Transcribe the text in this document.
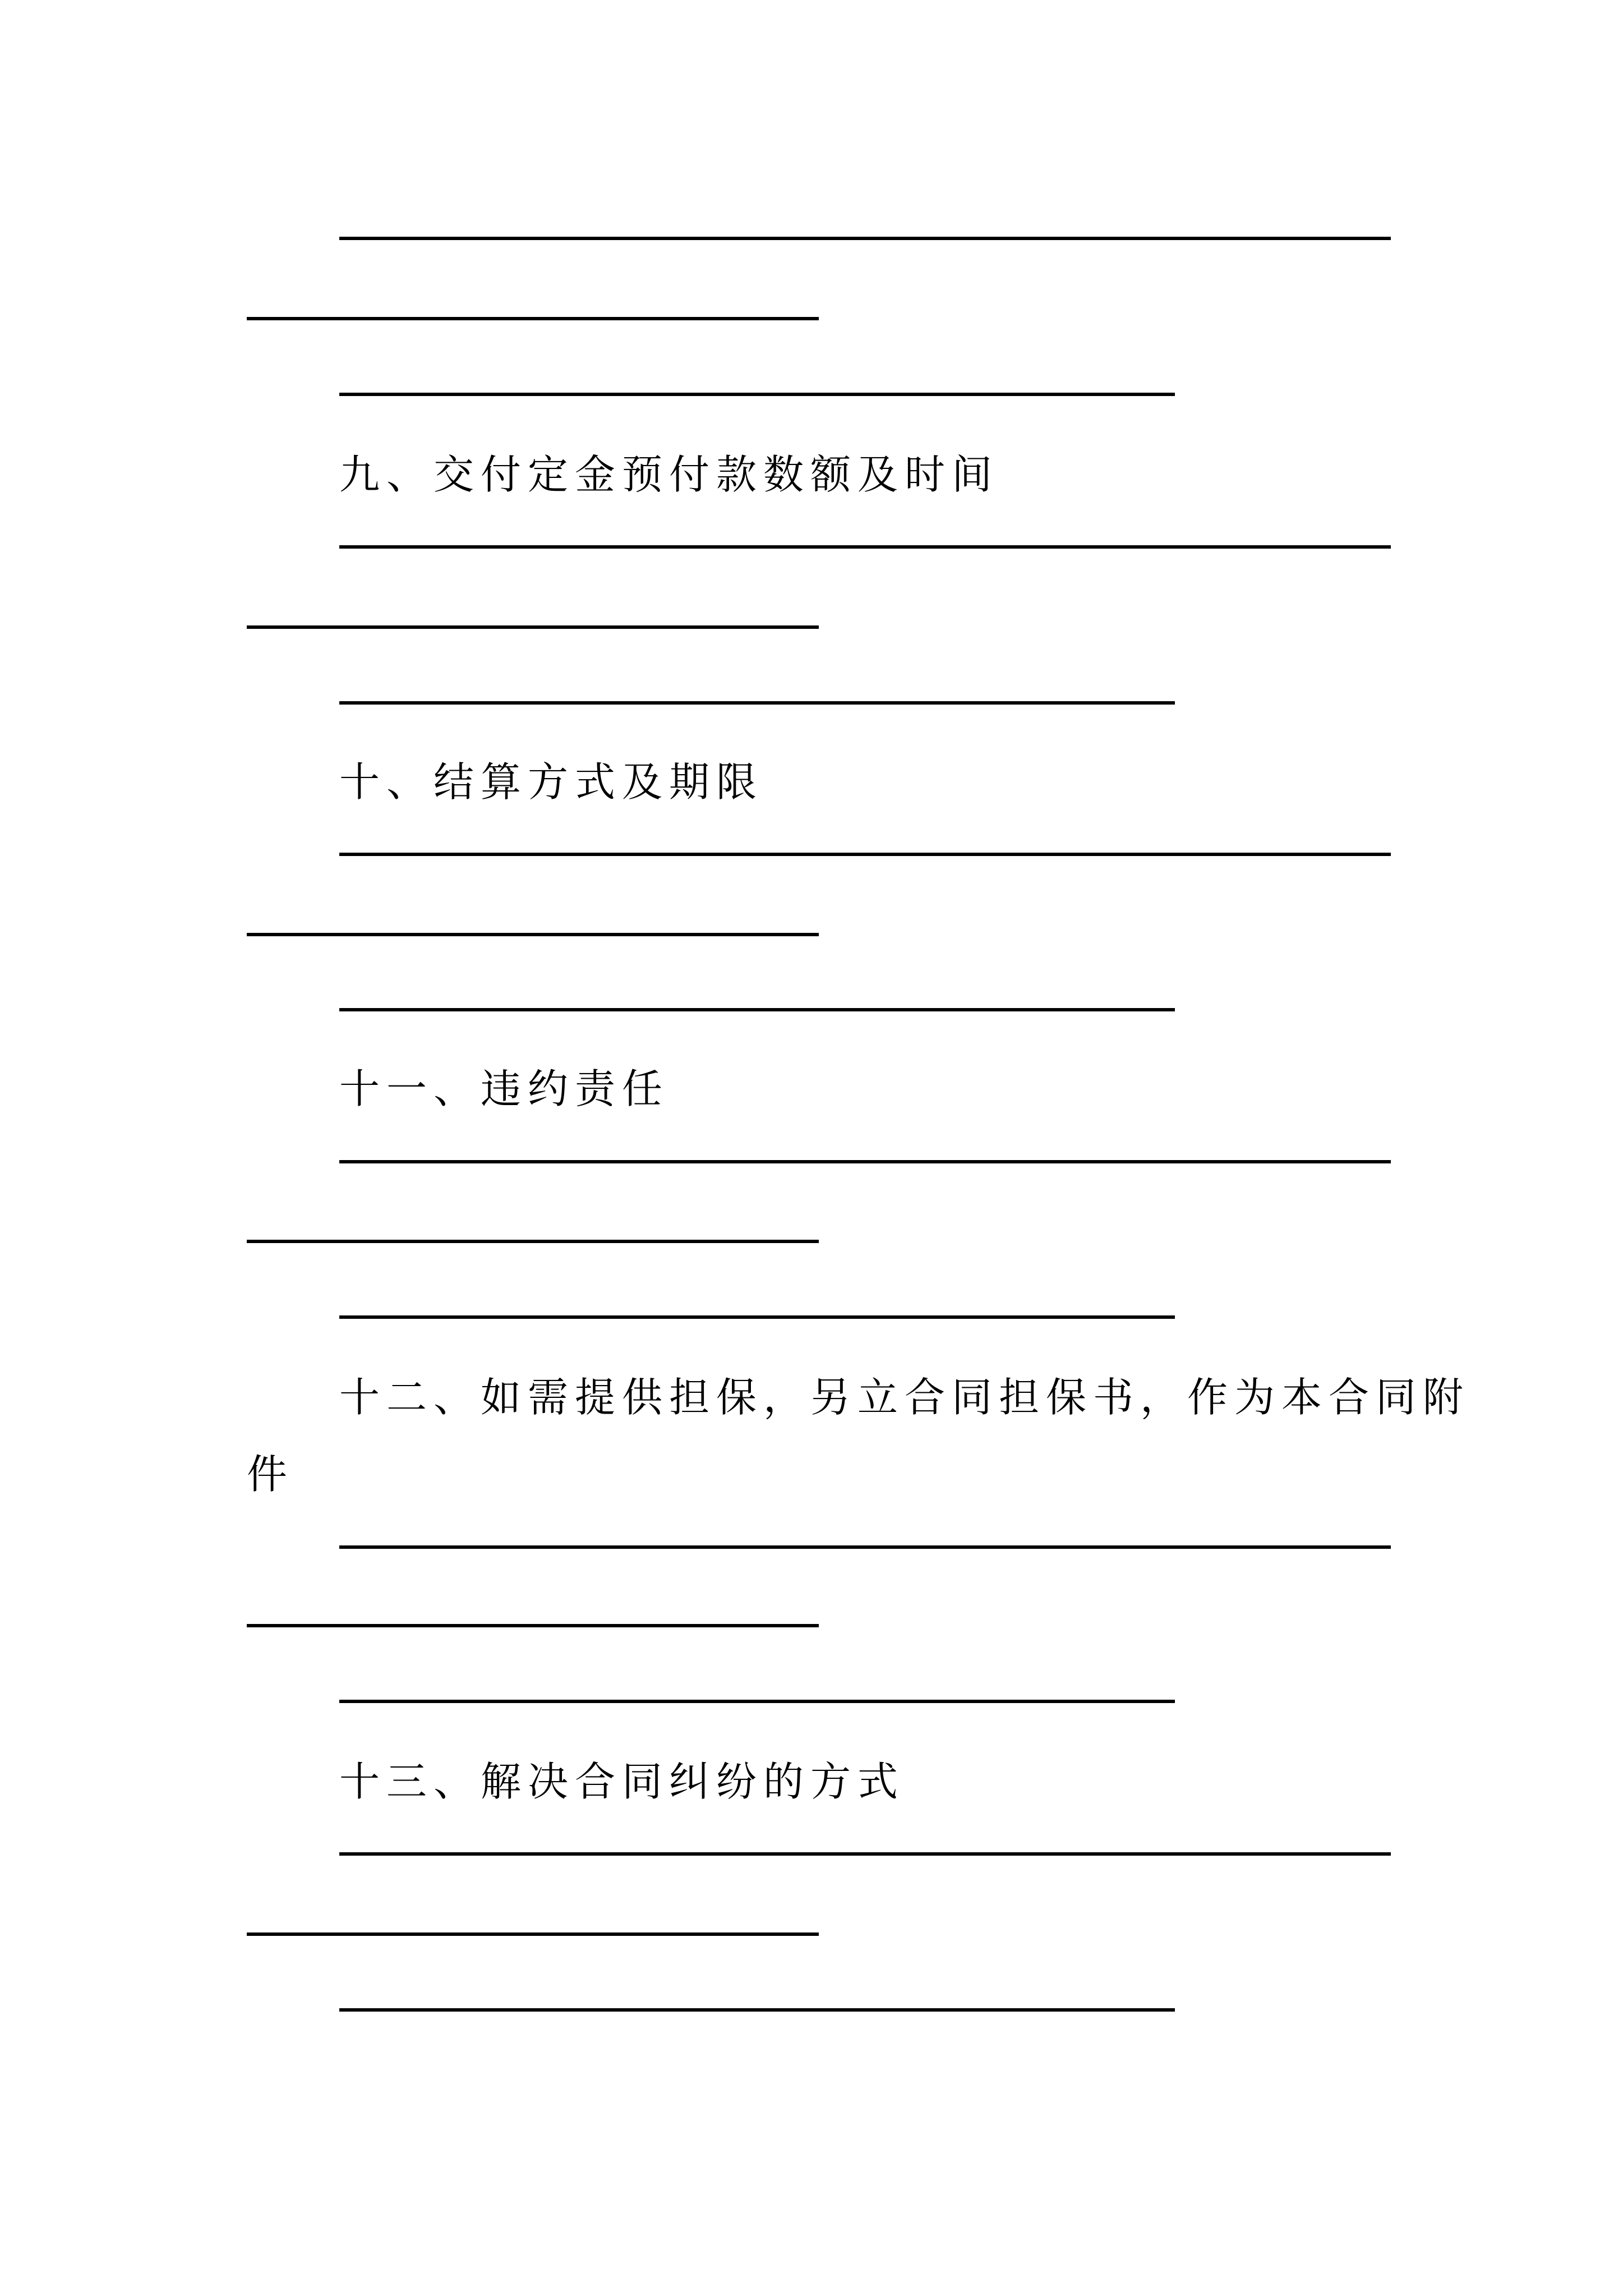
九、交付定金预付款数额及时间
十、结算方式及期限
十一、违约责任
十二、如需提供担保，另立合同担保书，作为本合同附
件
十三、解决合同纠纷的方式
